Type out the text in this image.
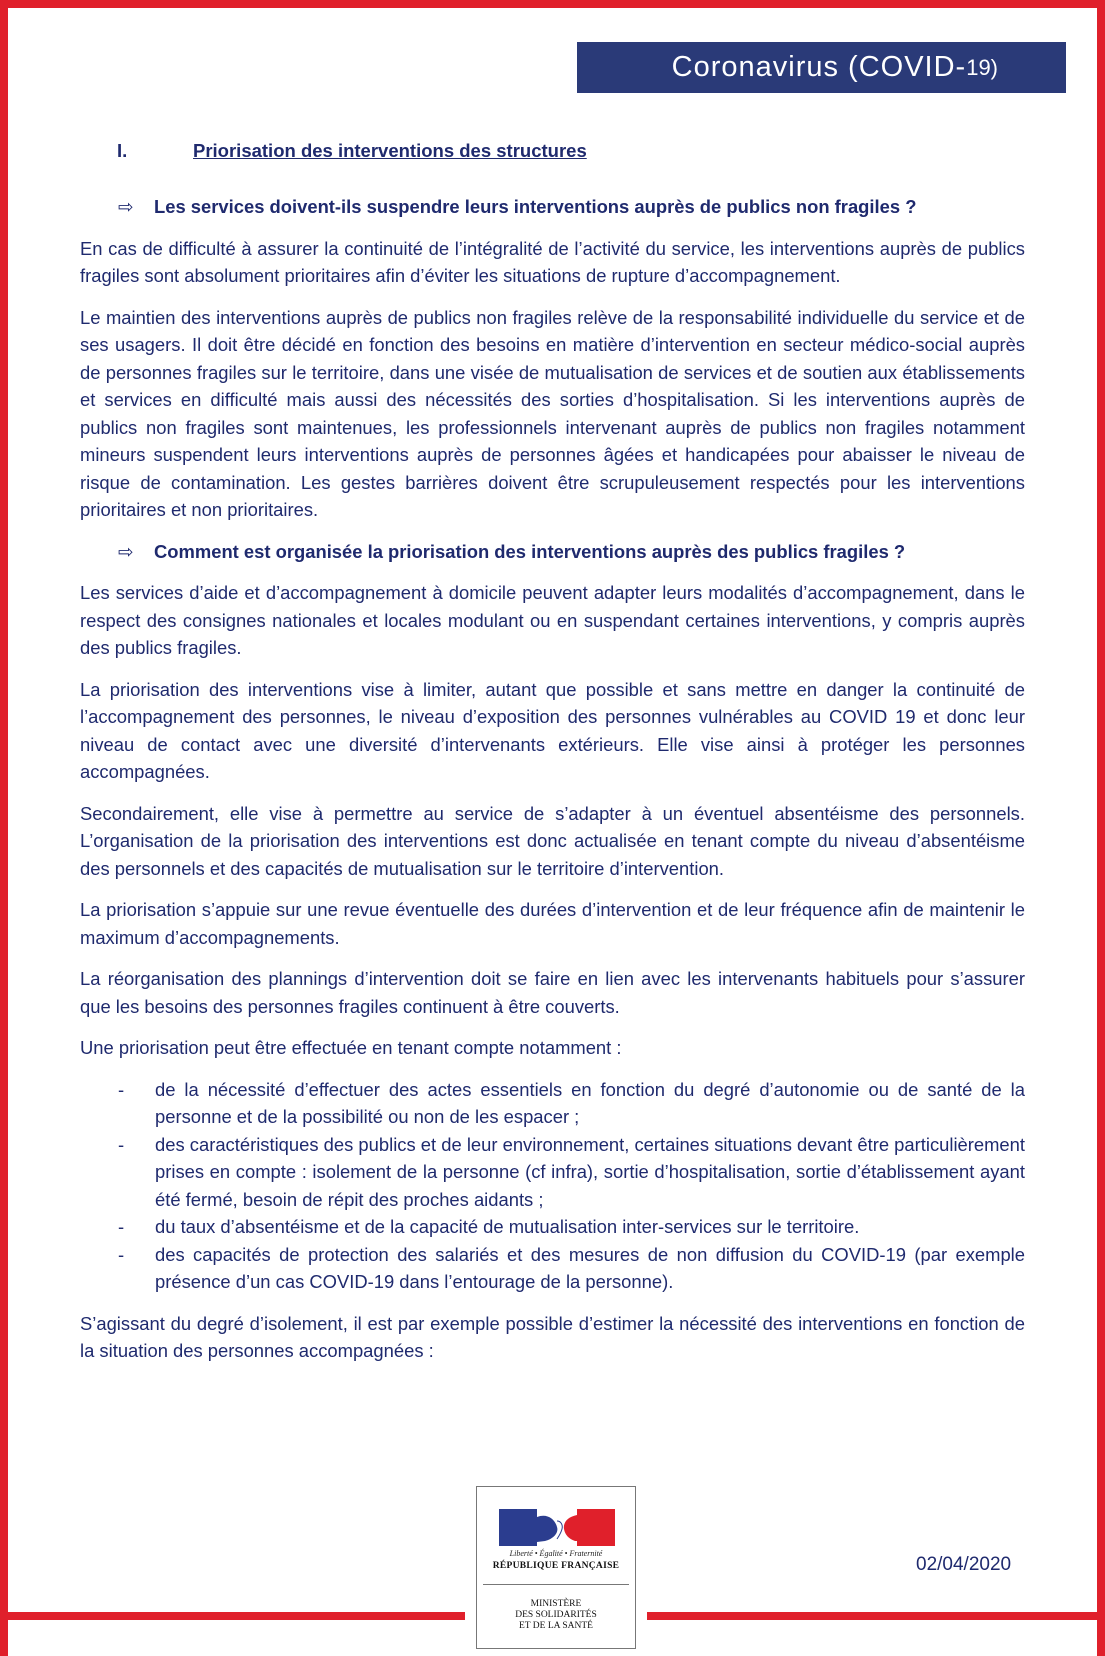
Coronavirus (COVID- 19)
I.	Priorisation des interventions des structures
⇨ Les services doivent-ils suspendre leurs interventions auprès de publics non fragiles ?

En cas de difficulté à assurer la continuité de l’intégralité de l’activité du service, les interventions auprès de publics fragiles sont absolument prioritaires afin d’éviter les situations de rupture d’accompagnement.

Le maintien des interventions auprès de publics non fragiles relève de la responsabilité individuelle du service et de ses usagers. Il doit être décidé en fonction des besoins en matière d’intervention en secteur médico-social auprès de personnes fragiles sur le territoire, dans une visée de mutualisation de services et de soutien aux établissements et services en difficulté mais aussi des nécessités des sorties d’hospitalisation. Si les interventions auprès de publics non fragiles sont maintenues, les professionnels intervenant auprès de publics non fragiles notamment mineurs suspendent leurs interventions auprès de personnes âgées et handicapées pour abaisser le niveau de risque de contamination. Les gestes barrières doivent être scrupuleusement respectés pour les interventions prioritaires et non prioritaires.

⇨ Comment est organisée la priorisation des interventions auprès des publics fragiles ?

Les services d’aide et d’accompagnement à domicile peuvent adapter leurs modalités d’accompagnement, dans le respect des consignes nationales et locales modulant ou en suspendant certaines interventions, y compris auprès des publics fragiles.

La priorisation des interventions vise à limiter, autant que possible et sans mettre en danger la continuité de l’accompagnement des personnes, le niveau d’exposition des personnes vulnérables au COVID 19 et donc leur niveau de contact avec une diversité d’intervenants extérieurs. Elle vise ainsi à protéger les personnes accompagnées.

Secondairement, elle vise à permettre au service de s’adapter à un éventuel absentéisme des personnels. L’organisation de la priorisation des interventions est donc actualisée en tenant compte du niveau d’absentéisme des personnels et des capacités de mutualisation sur le territoire d’intervention.

La priorisation s’appuie sur une revue éventuelle des durées d’intervention et de leur fréquence afin de maintenir le maximum d’accompagnements.

La réorganisation des plannings d’intervention doit se faire en lien avec les intervenants habituels pour s’assurer que les besoins des personnes fragiles continuent à être couverts.

Une priorisation peut être effectuée en tenant compte notamment :

- de la nécessité d’effectuer des actes essentiels en fonction du degré d’autonomie ou de santé de la personne et de la possibilité ou non de les espacer ;
- des caractéristiques des publics et de leur environnement, certaines situations devant être particulièrement prises en compte : isolement de la personne (cf infra), sortie d’hospitalisation, sortie d’établissement ayant été fermé, besoin de répit des proches aidants ;
- du taux d’absentéisme et de la capacité de mutualisation inter-services sur le territoire.
- des capacités de protection des salariés et des mesures de non diffusion du COVID-19 (par exemple présence d’un cas COVID-19 dans l’entourage de la personne).

S’agissant du degré d’isolement, il est par exemple possible d’estimer la nécessité des interventions en fonction de la situation des personnes accompagnées :

Liberté • Égalité • Fraternité
RÉPUBLIQUE FRANÇAISE
MINISTÈRE
DES SOLIDARITÉS
ET DE LA SANTÉ
02/04/2020
